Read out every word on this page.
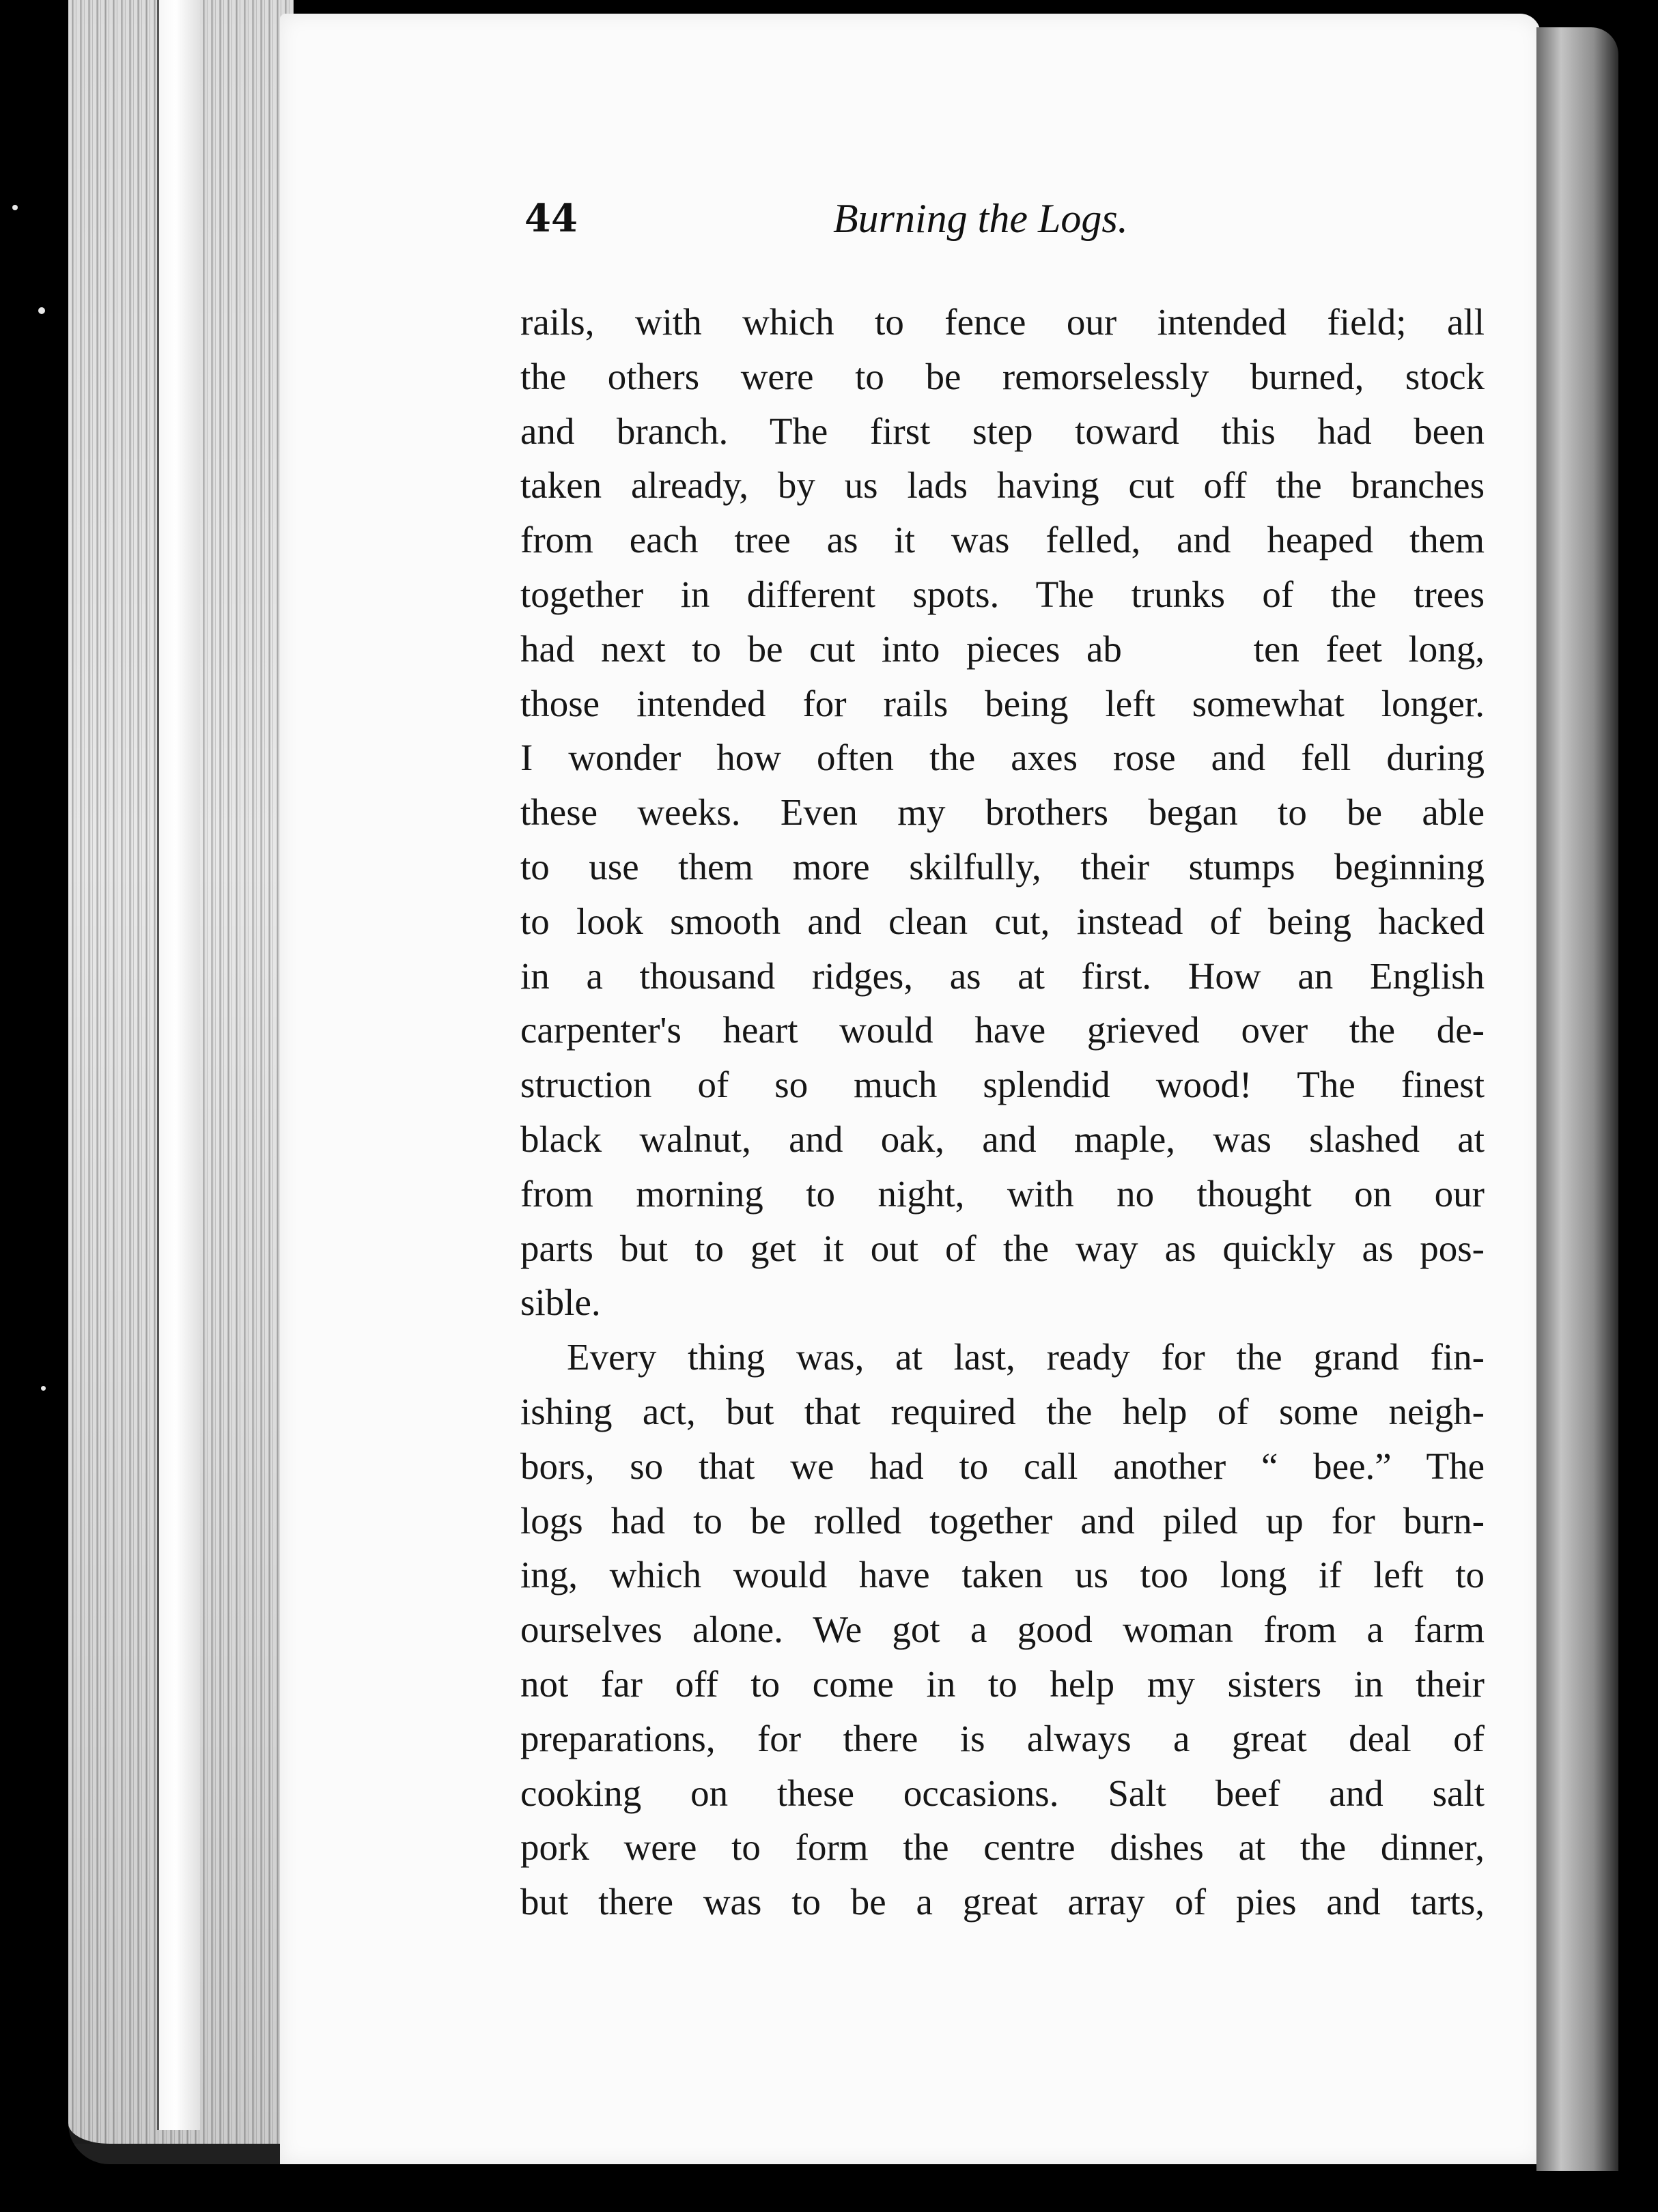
44	Burning the Logs.
rails, with which to fence our intended field; all
the others were to be remorselessly burned, stock
and branch. The first step toward this had been
taken already, by us lads having cut off the branches
from each tree as it was felled, and heaped them
together in different spots. The trunks of the trees
had next to be cut into pieces ab     ten feet long,
those intended for rails being left somewhat longer.
I wonder how often the axes rose and fell during
these weeks. Even my brothers began to be able
to use them more skilfully, their stumps beginning
to look smooth and clean cut, instead of being hacked
in a thousand ridges, as at first. How an English
carpenter's heart would have grieved over the de-
struction of so much splendid wood! The finest
black walnut, and oak, and maple, was slashed at
from morning to night, with no thought on our
parts but to get it out of the way as quickly as pos-
sible.
Every thing was, at last, ready for the grand fin-
ishing act, but that required the help of some neigh-
bors, so that we had to call another “ bee.” The
logs had to be rolled together and piled up for burn-
ing, which would have taken us too long if left to
ourselves alone. We got a good woman from a farm
not far off to come in to help my sisters in their
preparations, for there is always a great deal of
cooking on these occasions. Salt beef and salt
pork were to form the centre dishes at the dinner,
but there was to be a great array of pies and tarts,
